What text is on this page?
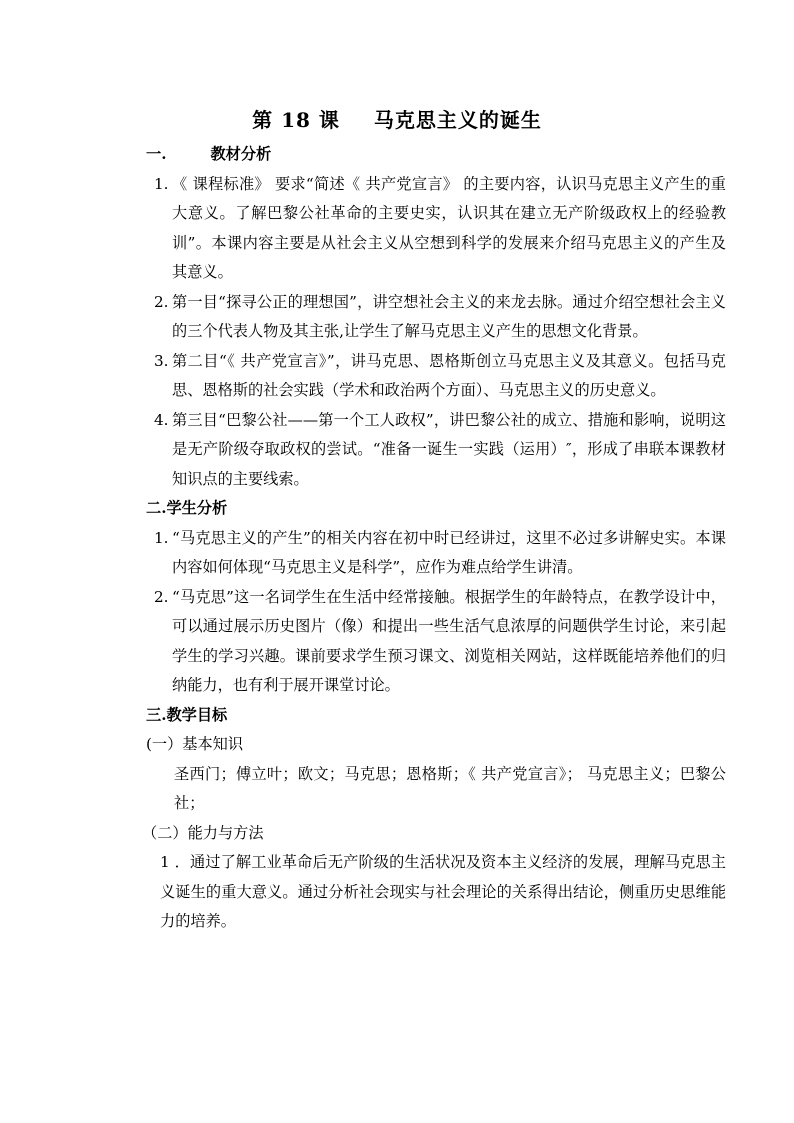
第 18 课 马克思主义的诞生
一.	教材分析
1. 《 课程标准》 要求“简述《 共产党宣言》 的主要内容，认识马克思主义产生的重大意义。了解巴黎公社革命的主要史实，认识其在建立无产阶级政权上的经验教训”。本课内容主要是从社会主义从空想到科学的发展来介绍马克思主义的产生及其意义。
2. 第一目“探寻公正的理想国”，讲空想社会主义的来龙去脉。通过介绍空想社会主义的三个代表人物及其主张,让学生了解马克思主义产生的思想文化背景。
3. 第二目“《 共产党宣言》”，讲马克思、恩格斯创立马克思主义及其意义。包括马克思、恩格斯的社会实践（学术和政治两个方面）、马克思主义的历史意义。
4. 第三目“巴黎公社——第一个工人政权”，讲巴黎公社的成立、措施和影响，说明这是无产阶级夺取政权的尝试。“准备一诞生一实践（运用）″，形成了串联本课教材知识点的主要线索。
二.学生分析
1. “马克思主义的产生”的相关内容在初中时已经讲过，这里不必过多讲解史实。本课内容如何体现“马克思主义是科学”，应作为难点给学生讲清。
2. “马克思”这一名词学生在生活中经常接触。根据学生的年龄特点，在教学设计中，可以通过展示历史图片（像）和提出一些生活气息浓厚的问题供学生讨论，来引起学生的学习兴趣。课前要求学生预习课文、浏览相关网站，这样既能培养他们的归纳能力，也有利于展开课堂讨论。
三.教学目标
(一）基本知识
圣西门；傅立叶；欧文；马克思；恩格斯；《 共产党宣言》； 马克思主义；巴黎公社；
（二）能力与方法
1 ．通过了解工业革命后无产阶级的生活状况及资本主义经济的发展，理解马克思主义诞生的重大意义。通过分析社会现实与社会理论的关系得出结论，侧重历史思维能力的培养。
